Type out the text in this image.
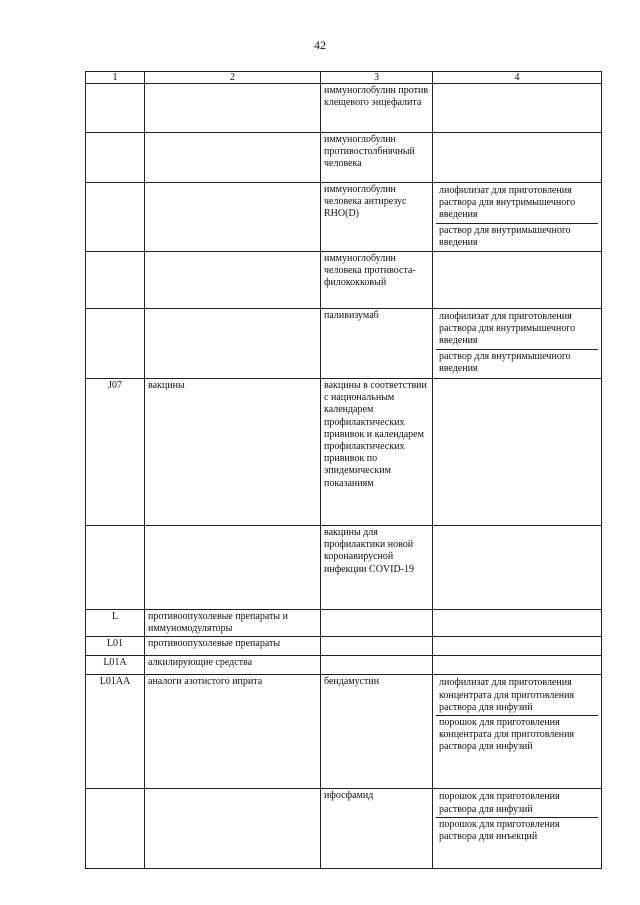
42
1	2	3	4
		иммуноглобулин против клещевого энцефалита	

		иммуноглобулин противостолбнячный человека	

		иммуноглобулин человека антирезус RHO(D)	лиофилизат для приготовления раствора для внутримышечного введения
раствор для внутримышечного введения

		иммуноглобулин человека противоста-филококковый	

		паливизумаб	лиофилизат для приготовления раствора для внутримышечного введения
раствор для внутримышечного введения

J07	вакцины	вакцины в соответствии с национальным календарем профилактических прививок и календарем профилактических прививок по эпидемическим показаниям	

		вакцины для профилактики новой коронавирусной инфекции COVID-19	

L	противоопухолевые препараты и иммуномодуляторы		

L01	противоопухолевые препараты		

L01A	алкилирующие средства		

L01AA	аналоги азотистого иприта	бендамустин	лиофилизат для приготовления концентрата для приготовления раствора для инфузий
порошок для приготовления концентрата для приготовления раствора для инфузий

		ифосфамид	порошок для приготовления раствора для инфузий
порошок для приготовления раствора для инъекций
